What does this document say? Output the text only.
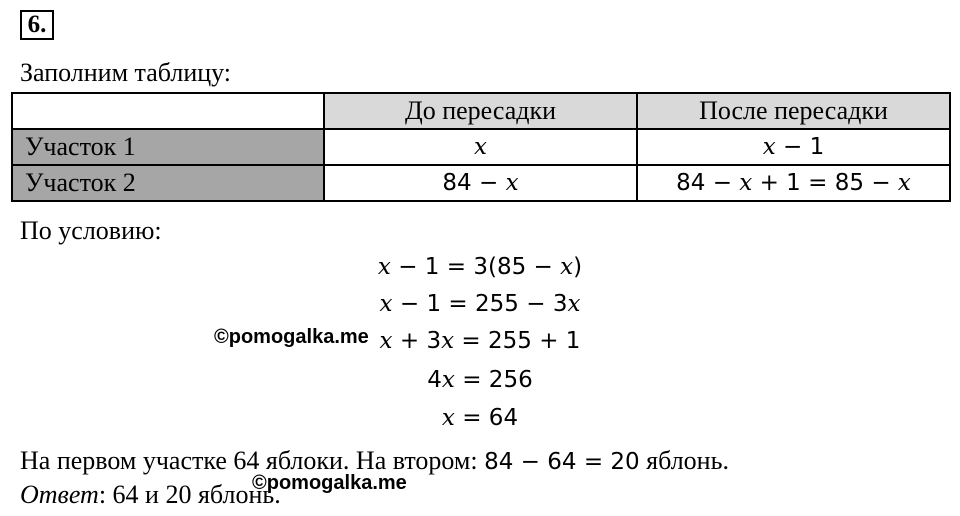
6.
Заполним таблицу:
	До пересадки	После пересадки
Участок 1	x	x − 1
Участок 2	84 − x	84 − x + 1 = 85 − x
По условию:
x − 1 = 3(85 − x)
x − 1 = 255 − 3x
x + 3x = 255 + 1
4x = 256
x = 64
©pomogalka.me
На первом участке 64 яблоки. На втором: 84 − 64 = 20 яблонь.
Ответ: 64 и 20 яблонь.
©pomogalka.me
